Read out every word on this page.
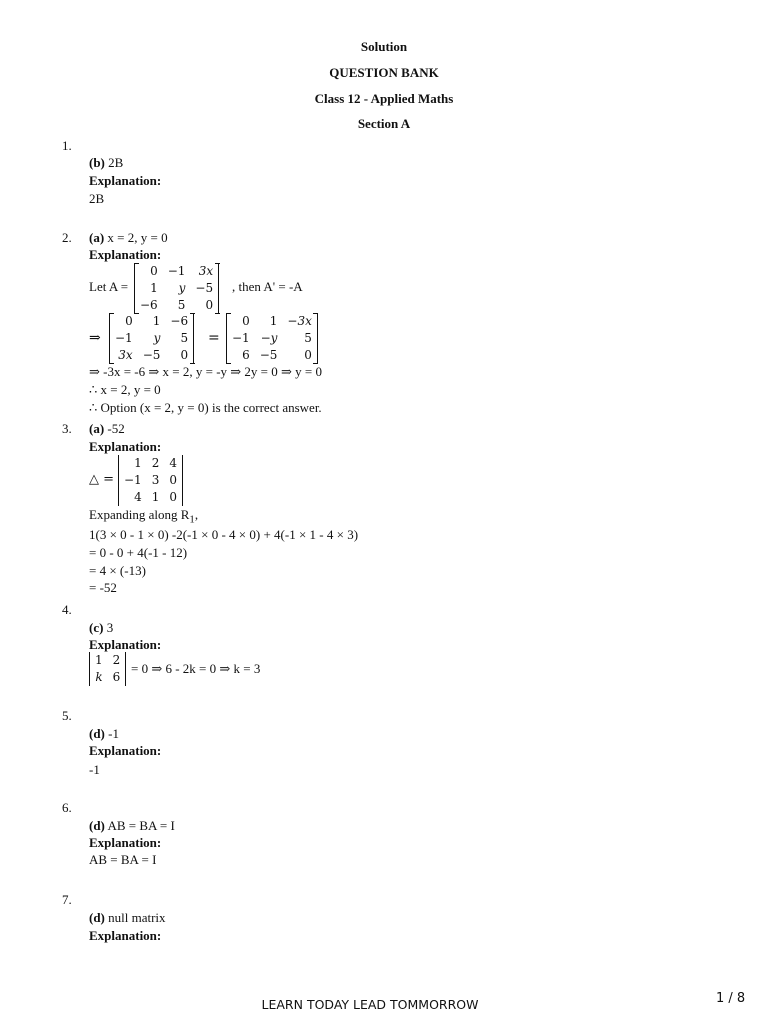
Solution
QUESTION BANK
Class 12 - Applied Maths
Section A
1.
(b) 2B
Explanation:
2B
2. (a) x = 2, y = 0
Explanation:
Let A =
0	−1	3x
1	y	−5
−6	5	0
, then A' = -A
⇒
0	1	−6
−1	y	5
3x	−5	0
=
0	1	−3x
−1	−y	5
6	−5	0
⇒ -3x = -6 ⇒ x = 2, y = -y ⇒ 2y = 0 ⇒ y = 0
∴ x = 2, y = 0
∴ Option (x = 2, y = 0) is the correct answer.
3. (a) -52
Explanation:
△ =
1	2	4
−1	3	0
4	1	0
Expanding along $R_1$,
1(3 × 0 - 1 × 0) -2(-1 × 0 - 4 × 0) + 4(-1 × 1 - 4 × 3)
= 0 - 0 + 4(-1 - 12)
= 4 × (-13)
= -52
4.
(c) 3
Explanation:
1	2
k	6
= 0 ⇒ 6 - 2k = 0 ⇒ k = 3
5.
(d) -1
Explanation:
-1
6.
(d) AB = BA = I
Explanation:
AB = BA = I
7.
(d) null matrix
Explanation:
LEARN TODAY LEAD TOMMORROW	1 / 8
